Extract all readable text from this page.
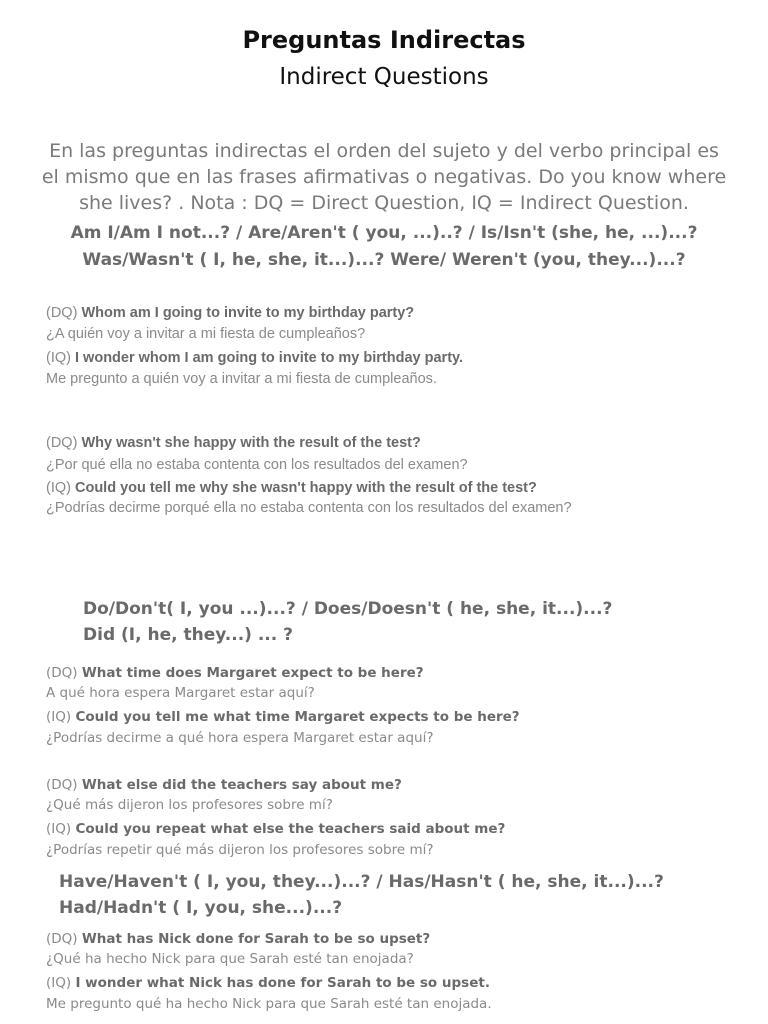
Preguntas Indirectas
Indirect Questions
En las preguntas indirectas el orden del sujeto y del verbo principal es
el mismo que en las frases afirmativas o negativas. Do you know where
she lives? . Nota : DQ = Direct Question, IQ = Indirect Question.
Am I/Am I not...? / Are/Aren't ( you, ...)..? / Is/Isn't (she, he, ...)...?
Was/Wasn't ( I, he, she, it...)...? Were/ Weren't (you, they...)...?
(DQ) Whom am I going to invite to my birthday party?
¿A quién voy a invitar a mi fiesta de cumpleaños?
(IQ) I wonder whom I am going to invite to my birthday party.
Me pregunto a quién voy a invitar a mi fiesta de cumpleaños.
(DQ) Why wasn't she happy with the result of the test?
¿Por qué ella no estaba contenta con los resultados del examen?
(IQ) Could you tell me why she wasn't happy with the result of the test?
¿Podrías decirme porqué ella no estaba contenta con los resultados del examen?
Do/Don't( I, you ...)...? / Does/Doesn't ( he, she, it...)...?
Did (I, he, they...) ... ?
(DQ) What time does Margaret expect to be here?
A qué hora espera Margaret estar aquí?
(IQ) Could you tell me what time Margaret expects to be here?
¿Podrías decirme a qué hora espera Margaret estar aquí?
(DQ) What else did the teachers say about me?
¿Qué más dijeron los profesores sobre mí?
(IQ) Could you repeat what else the teachers said about me?
¿Podrías repetir qué más dijeron los profesores sobre mí?
Have/Haven't ( I, you, they...)...? / Has/Hasn't ( he, she, it...)...?
Had/Hadn't ( I, you, she...)...?
(DQ) What has Nick done for Sarah to be so upset?
¿Qué ha hecho Nick para que Sarah esté tan enojada?
(IQ) I wonder what Nick has done for Sarah to be so upset.
Me pregunto qué ha hecho Nick para que Sarah esté tan enojada.
